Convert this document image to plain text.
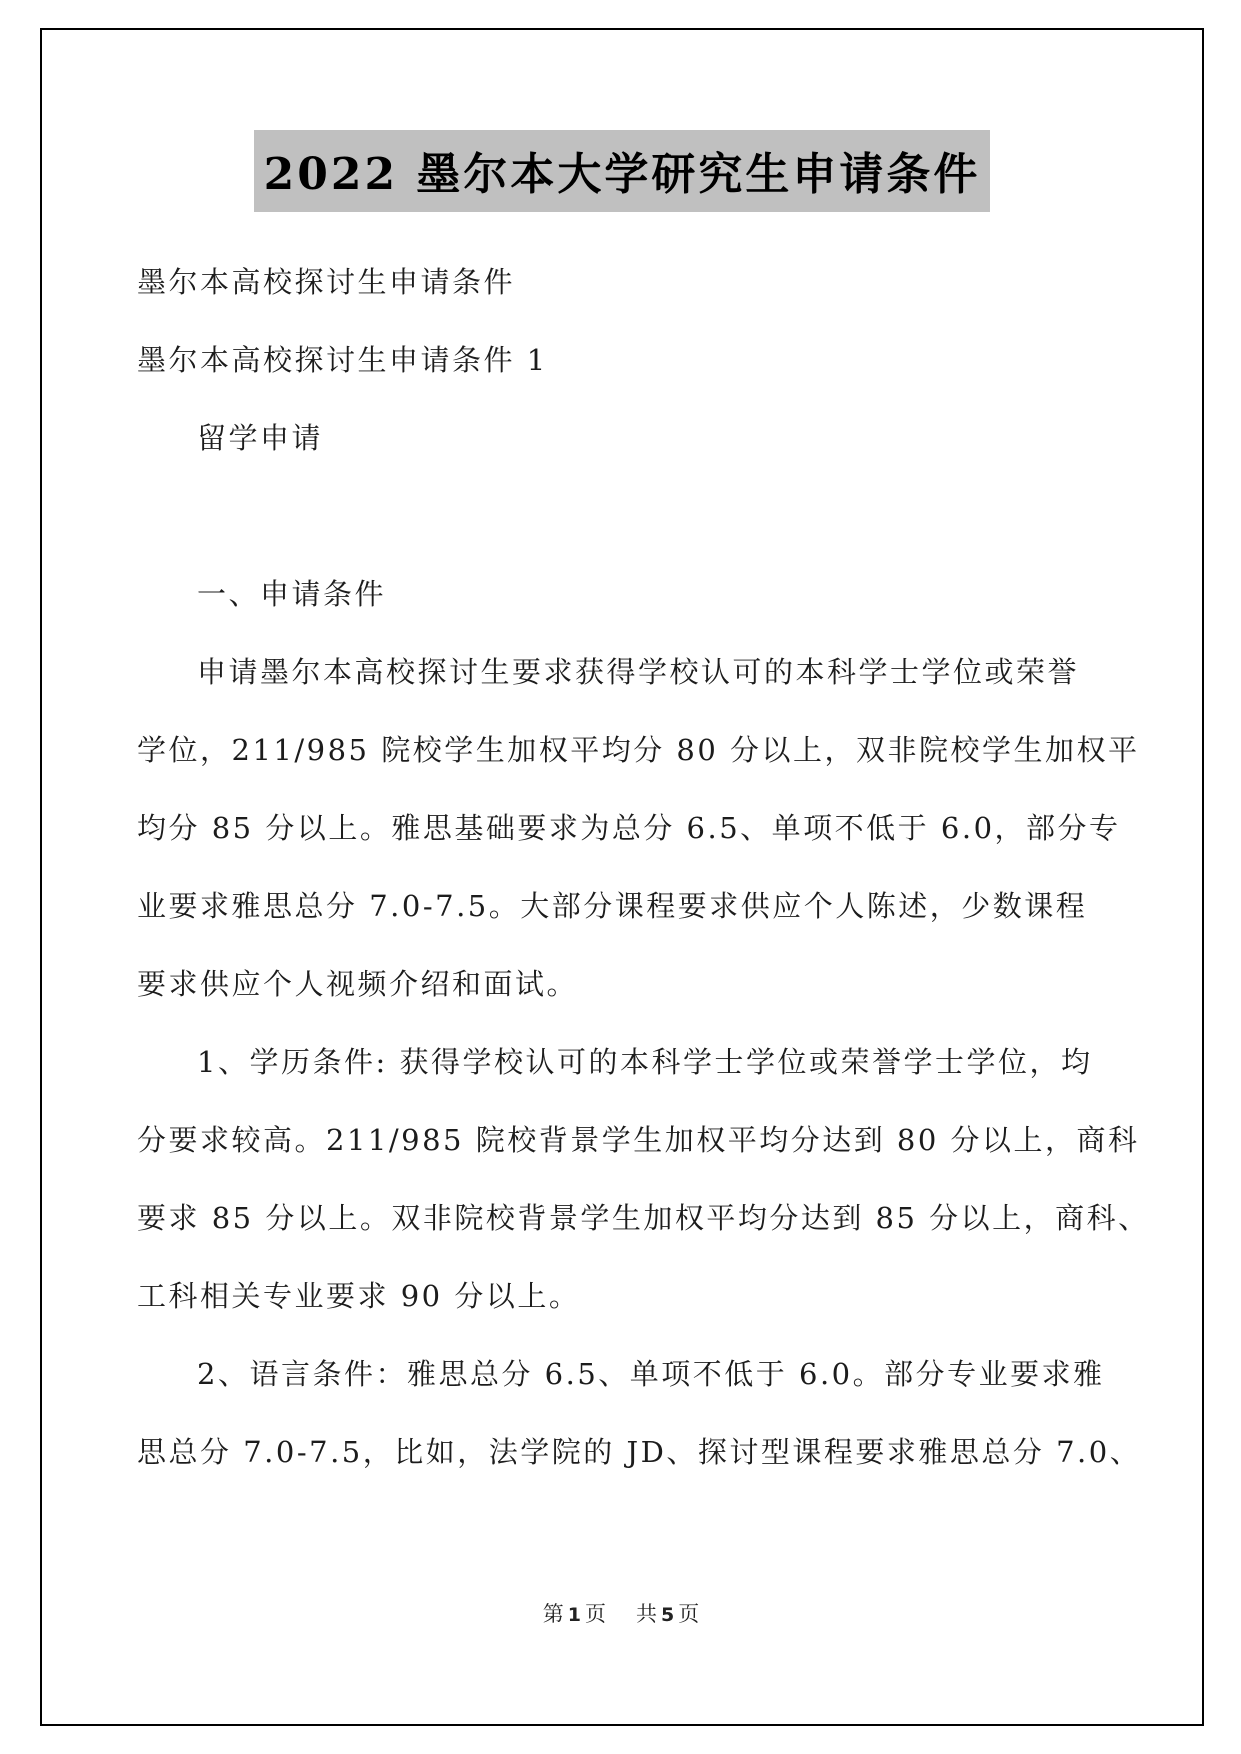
2022 墨尔本大学研究生申请条件
墨尔本高校探讨生申请条件
墨尔本高校探讨生申请条件 1
留学申请
一、申请条件
申请墨尔本高校探讨生要求获得学校认可的本科学士学位或荣誉
学位，211/985 院校学生加权平均分 80 分以上，双非院校学生加权平
均分 85 分以上。雅思基础要求为总分 6.5、单项不低于 6.0，部分专
业要求雅思总分 7.0-7.5。大部分课程要求供应个人陈述，少数课程
要求供应个人视频介绍和面试。
1、学历条件: 获得学校认可的本科学士学位或荣誉学士学位，均
分要求较高。211/985 院校背景学生加权平均分达到 80 分以上，商科
要求 85 分以上。双非院校背景学生加权平均分达到 85 分以上，商科、
工科相关专业要求 90 分以上。
2、语言条件：雅思总分 6.5、单项不低于 6.0。部分专业要求雅
思总分 7.0-7.5，比如，法学院的 JD、探讨型课程要求雅思总分 7.0、
第 1页 共 5页
